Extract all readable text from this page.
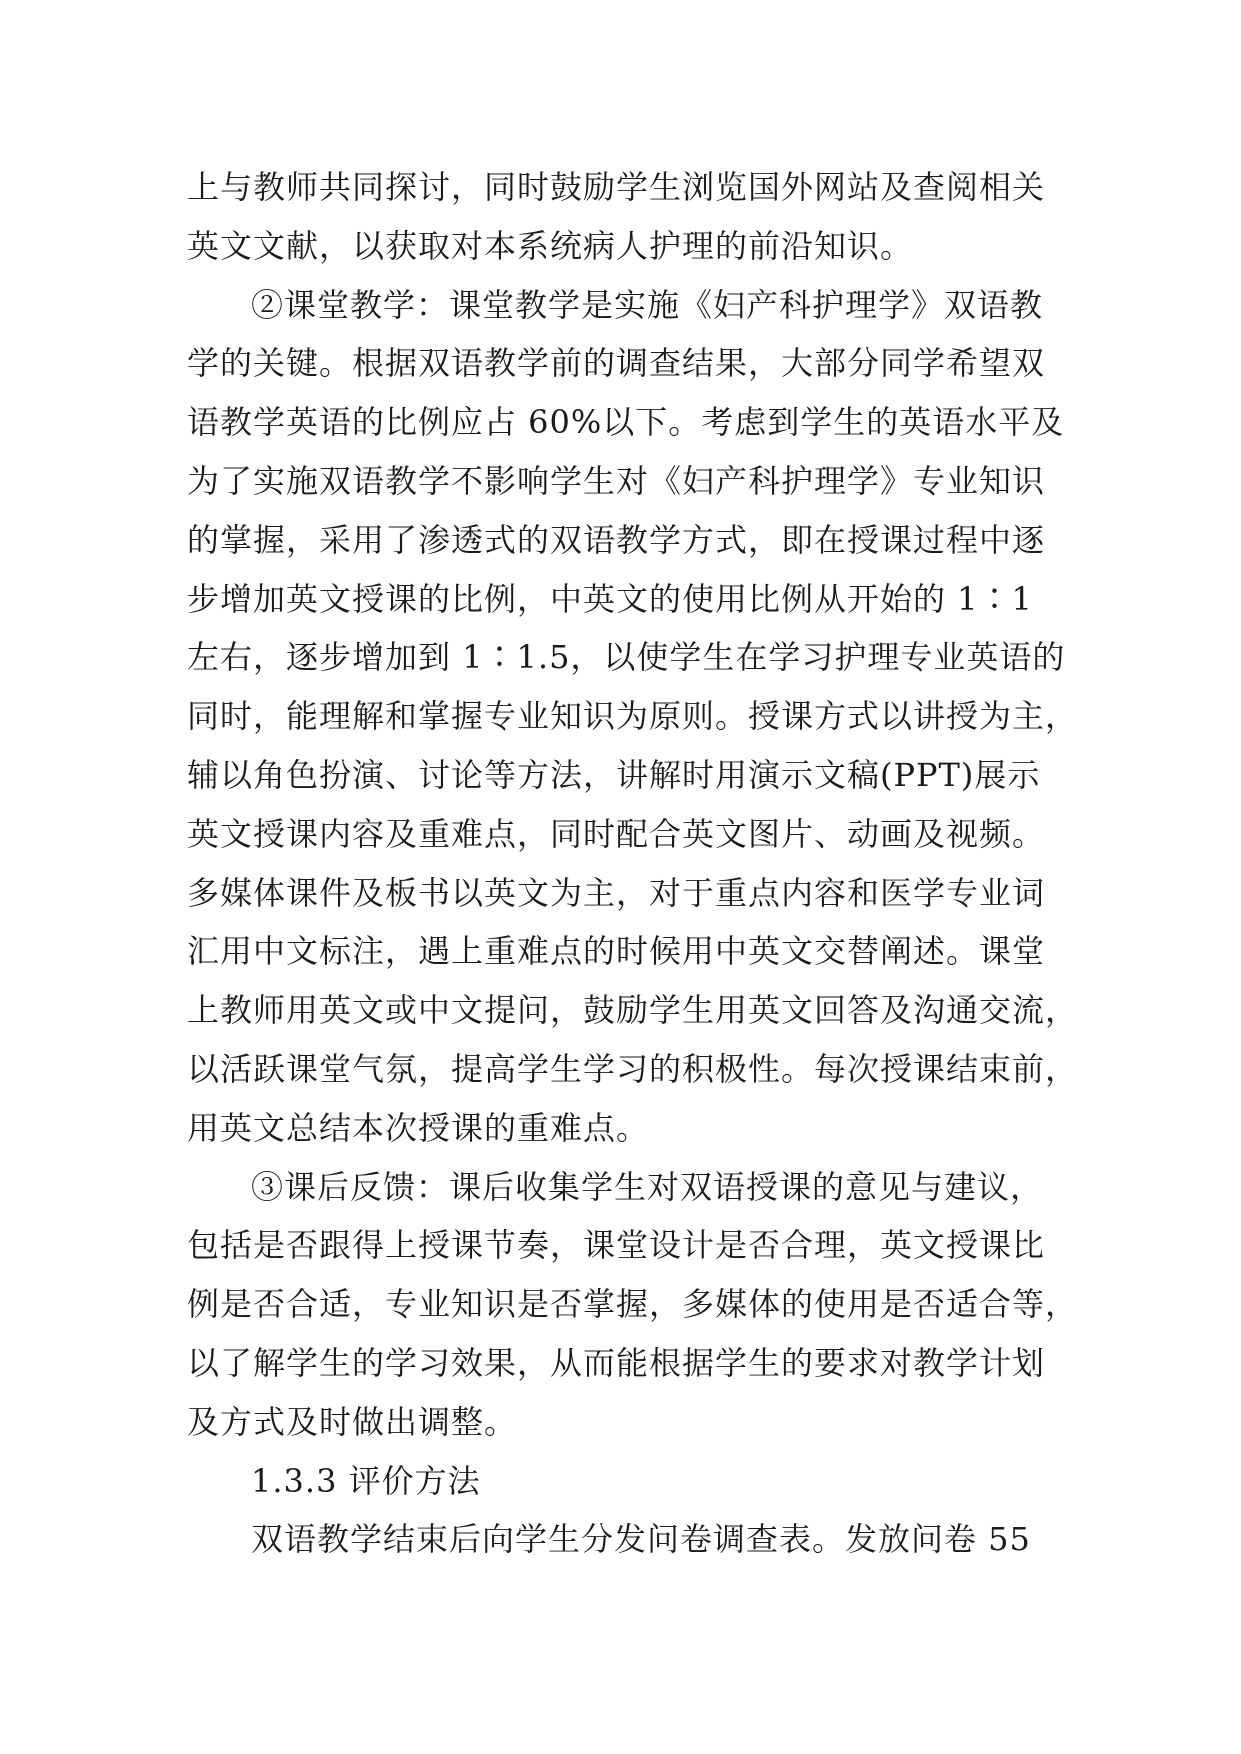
上与教师共同探讨，同时鼓励学生浏览国外网站及查阅相关
英文文献，以获取对本系统病人护理的前沿知识。
②课堂教学：课堂教学是实施《妇产科护理学》双语教
学的关键。根据双语教学前的调查结果，大部分同学希望双
语教学英语的比例应占 60%以下。考虑到学生的英语水平及
为了实施双语教学不影响学生对《妇产科护理学》专业知识
的掌握，采用了渗透式的双语教学方式，即在授课过程中逐
步增加英文授课的比例，中英文的使用比例从开始的 1∶1
左右，逐步增加到 1∶1.5，以使学生在学习护理专业英语的
同时，能理解和掌握专业知识为原则。授课方式以讲授为主，
辅以角色扮演、讨论等方法，讲解时用演示文稿(PPT)展示
英文授课内容及重难点，同时配合英文图片、动画及视频。
多媒体课件及板书以英文为主，对于重点内容和医学专业词
汇用中文标注，遇上重难点的时候用中英文交替阐述。课堂
上教师用英文或中文提问，鼓励学生用英文回答及沟通交流，
以活跃课堂气氛，提高学生学习的积极性。每次授课结束前，
用英文总结本次授课的重难点。
③课后反馈：课后收集学生对双语授课的意见与建议，
包括是否跟得上授课节奏，课堂设计是否合理，英文授课比
例是否合适，专业知识是否掌握，多媒体的使用是否适合等，
以了解学生的学习效果，从而能根据学生的要求对教学计划
及方式及时做出调整。
1.3.3 评价方法
双语教学结束后向学生分发问卷调查表。发放问卷 55
